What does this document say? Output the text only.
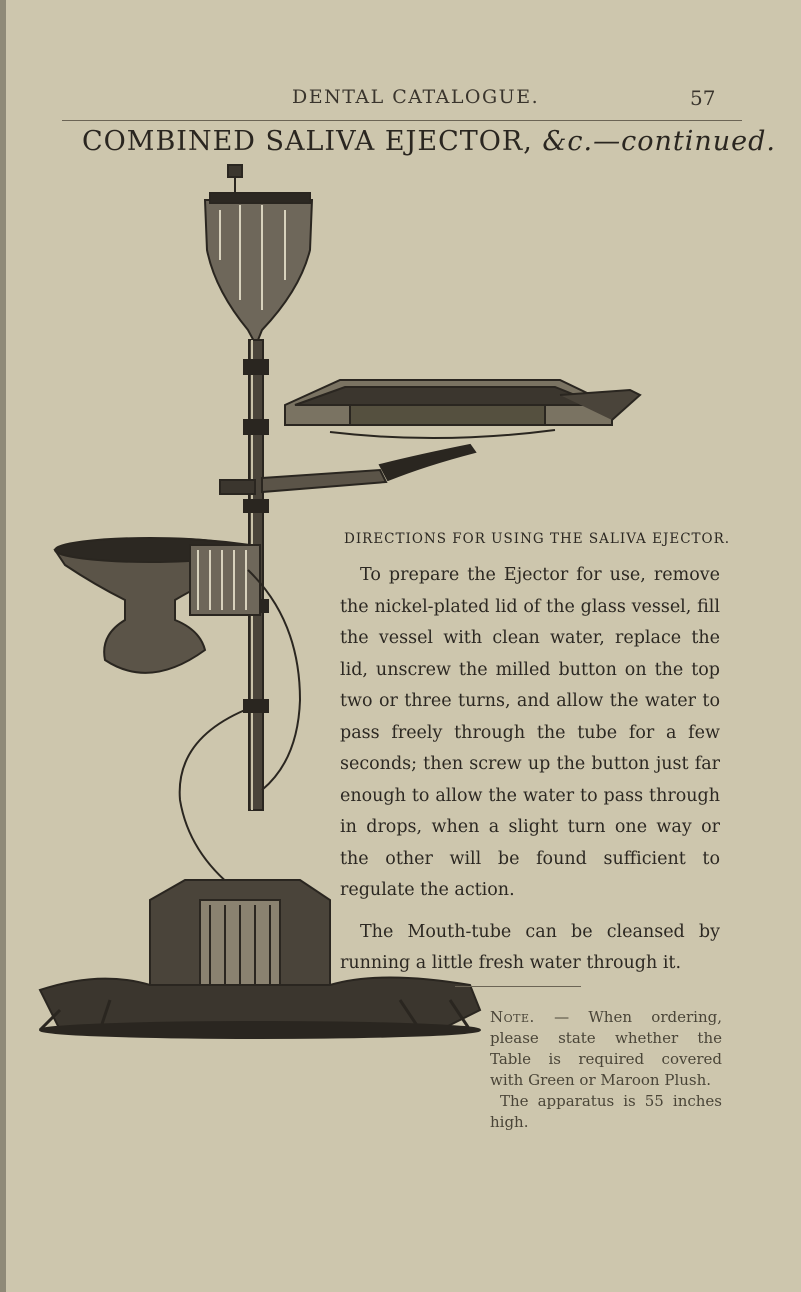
DENTAL CATALOGUE.	57
COMBINED SALIVA EJECTOR, &c.—continued.
DIRECTIONS FOR USING THE SALIVA EJECTOR.

To prepare the Ejector for use, remove the nickel-plated lid of the glass vessel, fill the vessel with clean water, replace the lid, unscrew the milled button on the top two or three turns, and allow the water to pass freely through the tube for a few seconds; then screw up the button just far enough to allow the water to pass through in drops, when a slight turn one way or the other will be found sufficient to regulate the action.

The Mouth-tube can be cleansed by running a little fresh water through it.

Note. — When ordering, please state whether the Table is required covered with Green or Maroon Plush.

The apparatus is 55 inches high.
